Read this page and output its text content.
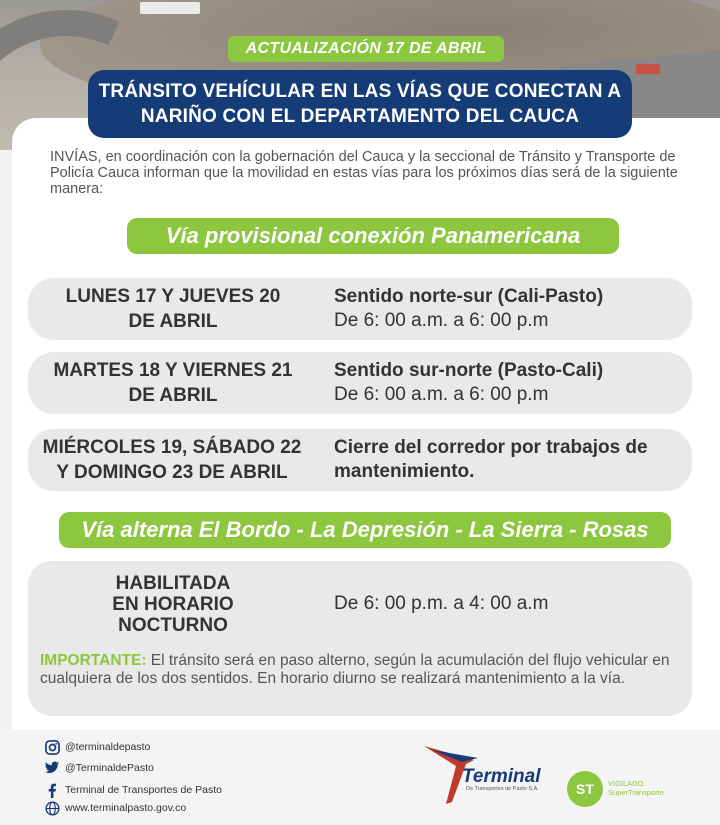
ACTUALIZACIÓN 17 DE ABRIL
TRÁNSITO VEHÍCULAR EN LAS VÍAS QUE CONECTAN A
NARIÑO CON EL DEPARTAMENTO DEL CAUCA
INVÍAS, en coordinación con la gobernación del Cauca y la seccional de Tránsito y Transporte de Policía Cauca informan que la movilidad en estas vías para los próximos días será de la siguiente manera:
Vía provisional conexión Panamericana
LUNES 17 Y JUEVES 20
DE ABRIL
Sentido norte-sur (Cali-Pasto)
De 6: 00 a.m. a 6: 00 p.m
MARTES 18 Y VIERNES 21
DE ABRIL
Sentido sur-norte (Pasto-Cali)
De 6: 00 a.m. a 6: 00 p.m
MIÉRCOLES 19, SÁBADO 22
Y DOMINGO 23 DE ABRIL
Cierre del corredor por trabajos de
mantenimiento.
Vía alterna El Bordo - La Depresión - La Sierra - Rosas
HABILITADA
EN HORARIO
NOCTURNO
De 6: 00 p.m. a 4: 00 a.m
IMPORTANTE: El tránsito será en paso alterno, según la acumulación del flujo vehicular en cualquiera de los dos sentidos. En horario diurno se realizará mantenimiento a la vía.
@terminaldepasto
@TerminaldePasto
Terminal de Transportes de Pasto
www.terminalpasto.gov.co
Terminal
De Transportes de Pasto S.A.	ST	VIGILADO
SuperTransporte
